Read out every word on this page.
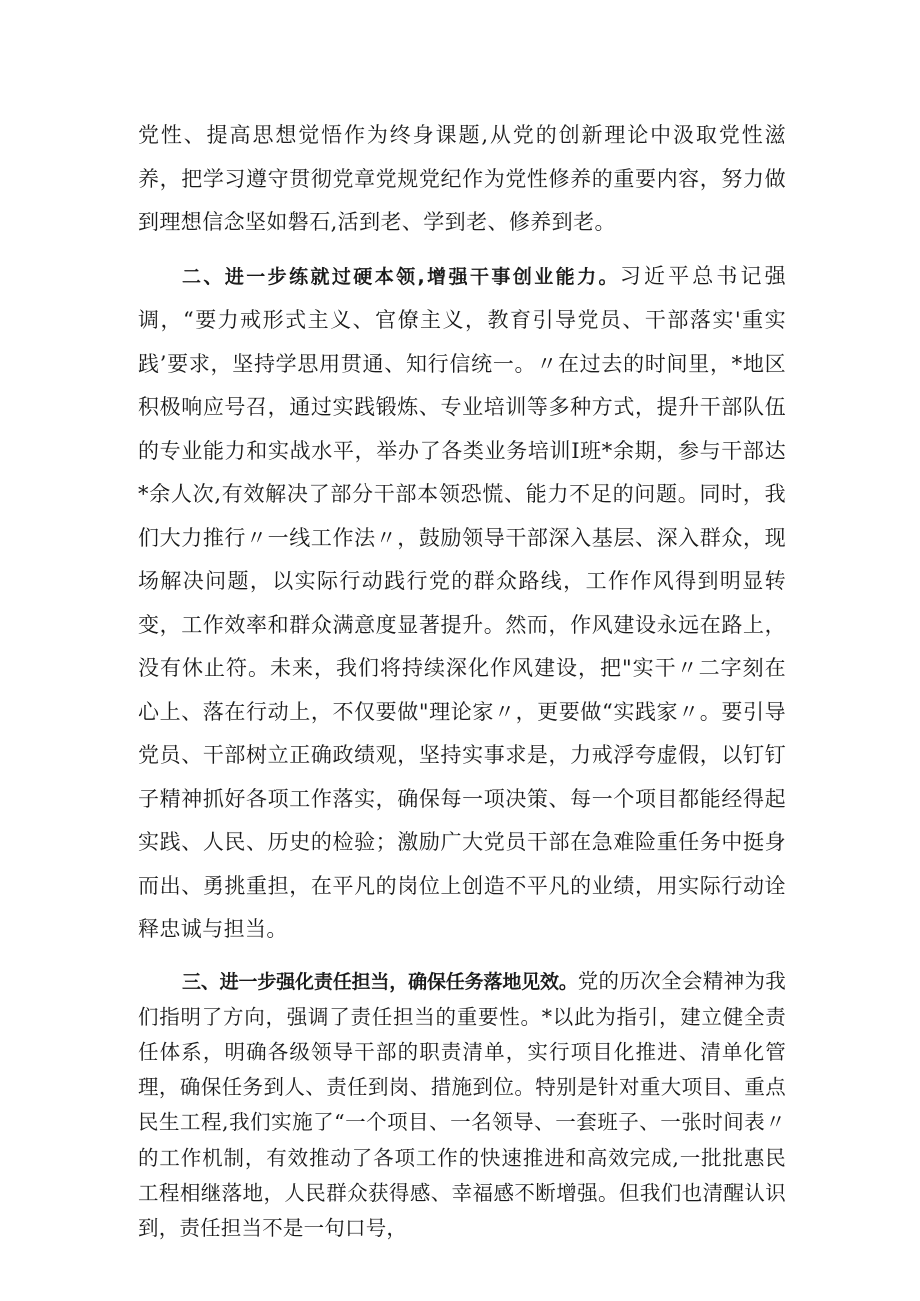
党性、提高思想觉悟作为终身课题,从党的创新理论中汲取党性滋养，把学习遵守贯彻党章党规党纪作为党性修养的重要内容，努力做到理想信念坚如磐石,活到老、学到老、修养到老。

二、进一步练就过硬本领,增强干事创业能力。习近平总书记强调，“要力戒形式主义、官僚主义，教育引导党员、干部落实'重实践’要求，坚持学思用贯通、知行信统一。〃在过去的时间里，*地区积极响应号召，通过实践锻炼、专业培训等多种方式，提升干部队伍的专业能力和实战水平，举办了各类业务培训I班*余期，参与干部达*余人次,有效解决了部分干部本领恐慌、能力不足的问题。同时，我们大力推行〃一线工作法〃，鼓励领导干部深入基层、深入群众，现场解决问题，以实际行动践行党的群众路线，工作作风得到明显转变，工作效率和群众满意度显著提升。然而，作风建设永远在路上，没有休止符。未来，我们将持续深化作风建设，把"实干〃二字刻在心上、落在行动上，不仅要做"理论家〃，更要做“实践家〃。要引导党员、干部树立正确政绩观，坚持实事求是，力戒浮夸虚假，以钉钉子精神抓好各项工作落实，确保每一项决策、每一个项目都能经得起实践、人民、历史的检验；激励广大党员干部在急难险重任务中挺身而出、勇挑重担，在平凡的岗位上创造不平凡的业绩，用实际行动诠释忠诚与担当。

三、进一步强化责任担当，确保任务落地见效。党的历次全会精神为我们指明了方向，强调了责任担当的重要性。*以此为指引，建立健全责任体系，明确各级领导干部的职责清单，实行项目化推进、清单化管理，确保任务到人、责任到岗、措施到位。特别是针对重大项目、重点民生工程,我们实施了“一个项目、一名领导、一套班子、一张时间表〃的工作机制，有效推动了各项工作的快速推进和高效完成,一批批惠民工程相继落地，人民群众获得感、幸福感不断增强。但我们也清醒认识到，责任担当不是一句口号，
